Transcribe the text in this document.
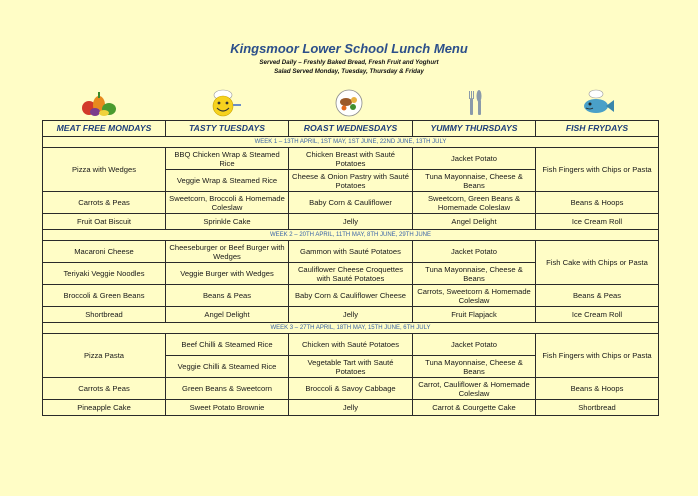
Kingsmoor Lower School Lunch Menu

Served Daily – Freshly Baked Bread, Fresh Fruit and Yoghurt

Salad Served Monday, Tuesday, Thursday & Friday

MEAT FREE MONDAYS	TASTY TUESDAYS	ROAST WEDNESDAYS	YUMMY THURSDAYS	FISH FRYDAYS
WEEK 1 – 13TH APRIL, 1ST MAY, 1ST JUNE, 22ND JUNE, 13TH JULY				
Pizza with Wedges	BBQ Chicken Wrap & Steamed Rice	Chicken Breast with Sauté Potatoes	Jacket Potato	Fish Fingers with Chips or Pasta
	Veggie Wrap & Steamed Rice	Cheese & Onion Pastry with Sauté Potatoes	Tuna Mayonnaise, Cheese & Beans	
Carrots & Peas	Sweetcorn, Broccoli & Homemade Coleslaw	Baby Corn & Cauliflower	Sweetcorn, Green Beans & Homemade Coleslaw	Beans & Hoops
Fruit Oat Biscuit	Sprinkle Cake	Jelly	Angel Delight	Ice Cream Roll
WEEK 2 – 20TH APRIL, 11TH MAY, 8TH JUNE, 29TH JUNE				
Macaroni Cheese	Cheeseburger or Beef Burger with Wedges	Gammon with Sauté Potatoes	Jacket Potato	Fish Cake with Chips or Pasta
Teriyaki Veggie Noodles	Veggie Burger with Wedges	Cauliflower Cheese Croquettes with Sauté Potatoes	Tuna Mayonnaise, Cheese & Beans	
Broccoli & Green Beans	Beans & Peas	Baby Corn & Cauliflower Cheese	Carrots, Sweetcorn & Homemade Coleslaw	Beans & Peas
Shortbread	Angel Delight	Jelly	Fruit Flapjack	Ice Cream Roll
WEEK 3 – 27TH APRIL, 18TH MAY, 15TH JUNE, 6TH JULY				
Pizza Pasta	Beef Chilli & Steamed Rice	Chicken with Sauté Potatoes	Jacket Potato	Fish Fingers with Chips or Pasta
	Veggie Chilli & Steamed Rice	Vegetable Tart with Sauté Potatoes	Tuna Mayonnaise, Cheese & Beans	
Carrots & Peas	Green Beans & Sweetcorn	Broccoli & Savoy Cabbage	Carrot, Cauliflower & Homemade Coleslaw	Beans & Hoops
Pineapple Cake	Sweet Potato Brownie	Jelly	Carrot & Courgette Cake	Shortbread
